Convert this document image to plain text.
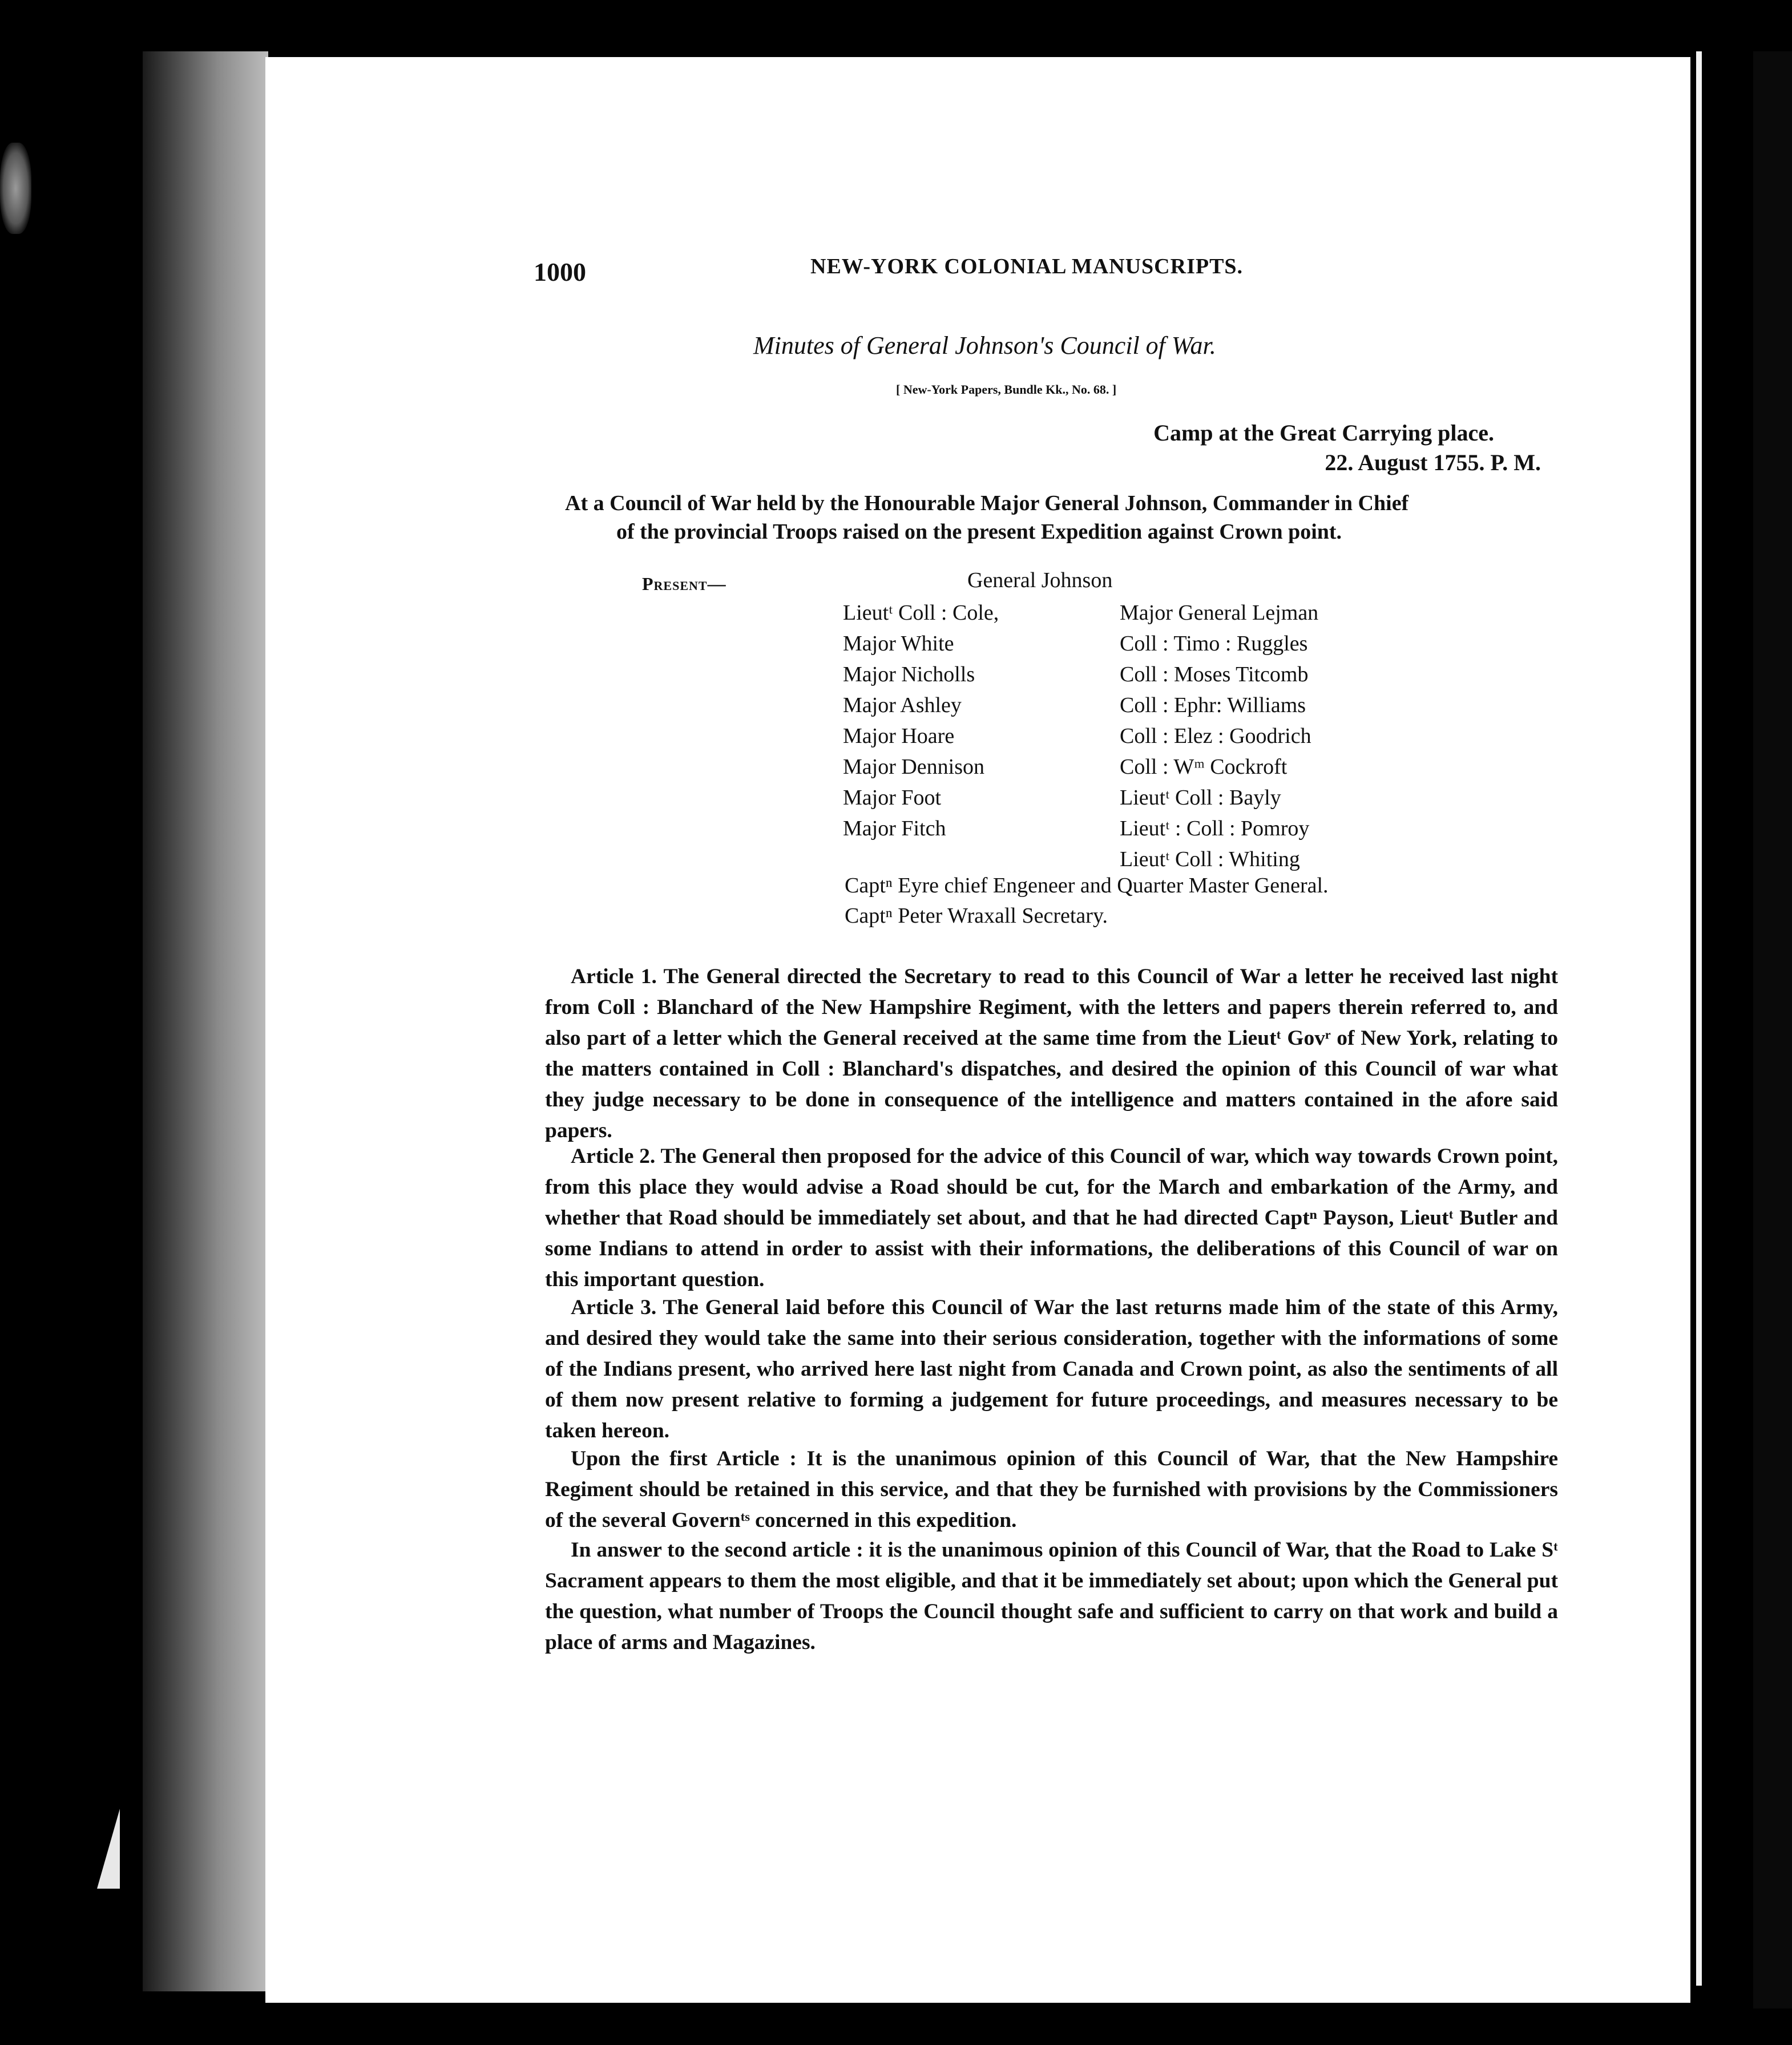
1000	NEW-YORK COLONIAL MANUSCRIPTS.
Minutes of General Johnson's Council of War.
[ New-York Papers, Bundle Kk., No. 68. ]
Camp at the Great Carrying place.
22. August 1755. P. M.
At a Council of War held by the Honourable Major General Johnson, Commander in Chief
of the provincial Troops raised on the present Expedition against Crown point.
Present—	General Johnson
Lieutᵗ Coll : Cole,
Major White
Major Nicholls
Major Ashley
Major Hoare
Major Dennison
Major Foot
Major Fitch
Major General Lejman
Coll : Timo : Ruggles
Coll : Moses Titcomb
Coll : Ephr: Williams
Coll : Elez : Goodrich
Coll : Wᵐ Cockroft
Lieutᵗ Coll : Bayly
Lieutᵗ : Coll : Pomroy
Lieutᵗ Coll : Whiting
Captⁿ Eyre chief Engeneer and Quarter Master General.
Captⁿ Peter Wraxall Secretary.

Article 1. The General directed the Secretary to read to this Council of War a letter he received last night from Coll : Blanchard of the New Hampshire Regiment, with the letters and papers therein referred to, and also part of a letter which the General received at the same time from the Lieutᵗ Govʳ of New York, relating to the matters contained in Coll : Blanchard's dispatches, and desired the opinion of this Council of war what they judge necessary to be done in consequence of the intelligence and matters contained in the afore said papers.

Article 2. The General then proposed for the advice of this Council of war, which way towards Crown point, from this place they would advise a Road should be cut, for the March and embarkation of the Army, and whether that Road should be immediately set about, and that he had directed Captⁿ Payson, Lieutᵗ Butler and some Indians to attend in order to assist with their informations, the deliberations of this Council of war on this important question.

Article 3. The General laid before this Council of War the last returns made him of the state of this Army, and desired they would take the same into their serious consideration, together with the informations of some of the Indians present, who arrived here last night from Canada and Crown point, as also the sentiments of all of them now present relative to forming a judgement for future proceedings, and measures necessary to be taken hereon.

Upon the first Article : It is the unanimous opinion of this Council of War, that the New Hampshire Regiment should be retained in this service, and that they be furnished with provisions by the Commissioners of the several Governᵗˢ concerned in this expedition.

In answer to the second article : it is the unanimous opinion of this Council of War, that the Road to Lake Sᵗ Sacrament appears to them the most eligible, and that it be immediately set about; upon which the General put the question, what number of Troops the Council thought safe and sufficient to carry on that work and build a place of arms and Magazines.
